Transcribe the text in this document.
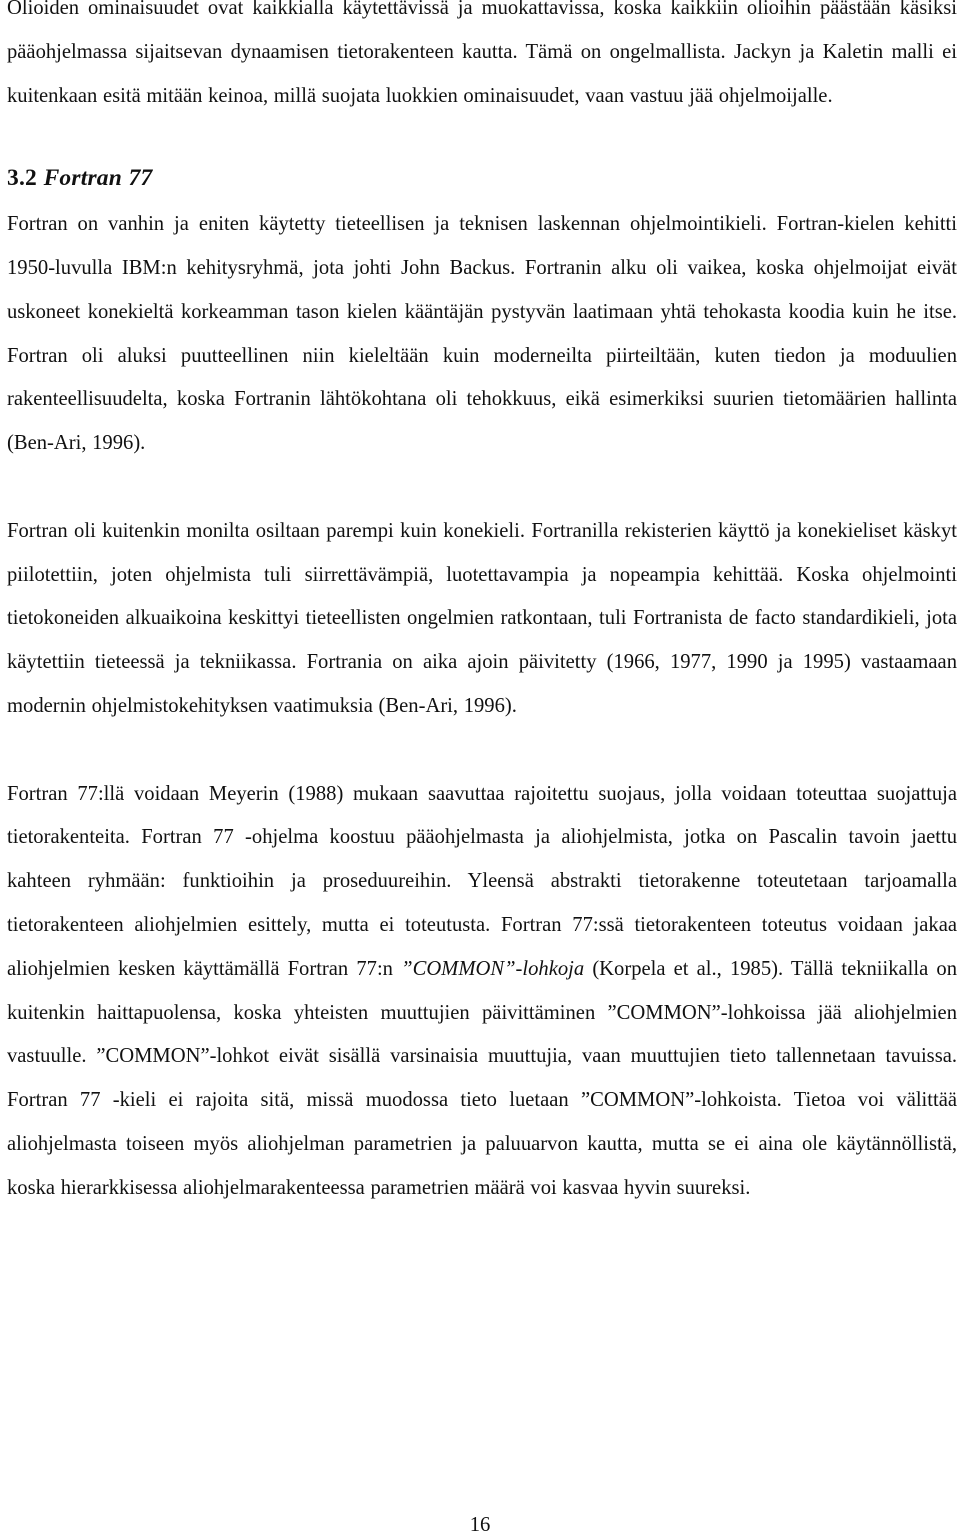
Olioiden ominaisuudet ovat kaikkialla käytettävissä ja muokattavissa, koska kaikkiin olioihin päästään käsiksi pääohjelmassa sijaitsevan dynaamisen tietorakenteen kautta. Tämä on ongelmallista. Jackyn ja Kaletin malli ei kuitenkaan esitä mitään keinoa, millä suojata luokkien ominaisuudet, vaan vastuu jää ohjelmoijalle.

3.2 Fortran 77

Fortran on vanhin ja eniten käytetty tieteellisen ja teknisen laskennan ohjelmointikieli. Fortran-kielen kehitti 1950-luvulla IBM:n kehitysryhmä, jota johti John Backus. Fortranin alku oli vaikea, koska ohjelmoijat eivät uskoneet konekieltä korkeamman tason kielen kääntäjän pystyvän laatimaan yhtä tehokasta koodia kuin he itse. Fortran oli aluksi puutteellinen niin kieleltään kuin moderneilta piirteiltään, kuten tiedon ja moduulien rakenteellisuudelta, koska Fortranin lähtökohtana oli tehokkuus, eikä esimerkiksi suurien tietomäärien hallinta (Ben-Ari, 1996).

Fortran oli kuitenkin monilta osiltaan parempi kuin konekieli. Fortranilla rekisterien käyttö ja konekieliset käskyt piilotettiin, joten ohjelmista tuli siirrettävämpiä, luotettavampia ja nopeampia kehittää. Koska ohjelmointi tietokoneiden alkuaikoina keskittyi tieteellisten ongelmien ratkontaan, tuli Fortranista de facto standardikieli, jota käytettiin tieteessä ja tekniikassa. Fortrania on aika ajoin päivitetty (1966, 1977, 1990 ja 1995) vastaamaan modernin ohjelmistokehityksen vaatimuksia (Ben-Ari, 1996).

Fortran 77:llä voidaan Meyerin (1988) mukaan saavuttaa rajoitettu suojaus, jolla voidaan toteuttaa suojattuja tietorakenteita. Fortran 77 -ohjelma koostuu pääohjelmasta ja aliohjelmista, jotka on Pascalin tavoin jaettu kahteen ryhmään: funktioihin ja proseduureihin. Yleensä abstrakti tietorakenne toteutetaan tarjoamalla tietorakenteen aliohjelmien esittely, mutta ei toteutusta. Fortran 77:ssä tietorakenteen toteutus voidaan jakaa aliohjelmien kesken käyttämällä Fortran 77:n ”COMMON”-lohkoja (Korpela et al., 1985). Tällä tekniikalla on kuitenkin haittapuolensa, koska yhteisten muuttujien päivittäminen ”COMMON”-lohkoissa jää aliohjelmien vastuulle. ”COMMON”-lohkot eivät sisällä varsinaisia muuttujia, vaan muuttujien tieto tallennetaan tavuissa. Fortran 77 -kieli ei rajoita sitä, missä muodossa tieto luetaan ”COMMON”-lohkoista. Tietoa voi välittää aliohjelmasta toiseen myös aliohjelman parametrien ja paluuarvon kautta, mutta se ei aina ole käytännöllistä, koska hierarkkisessa aliohjelmarakenteessa parametrien määrä voi kasvaa hyvin suureksi.

16
